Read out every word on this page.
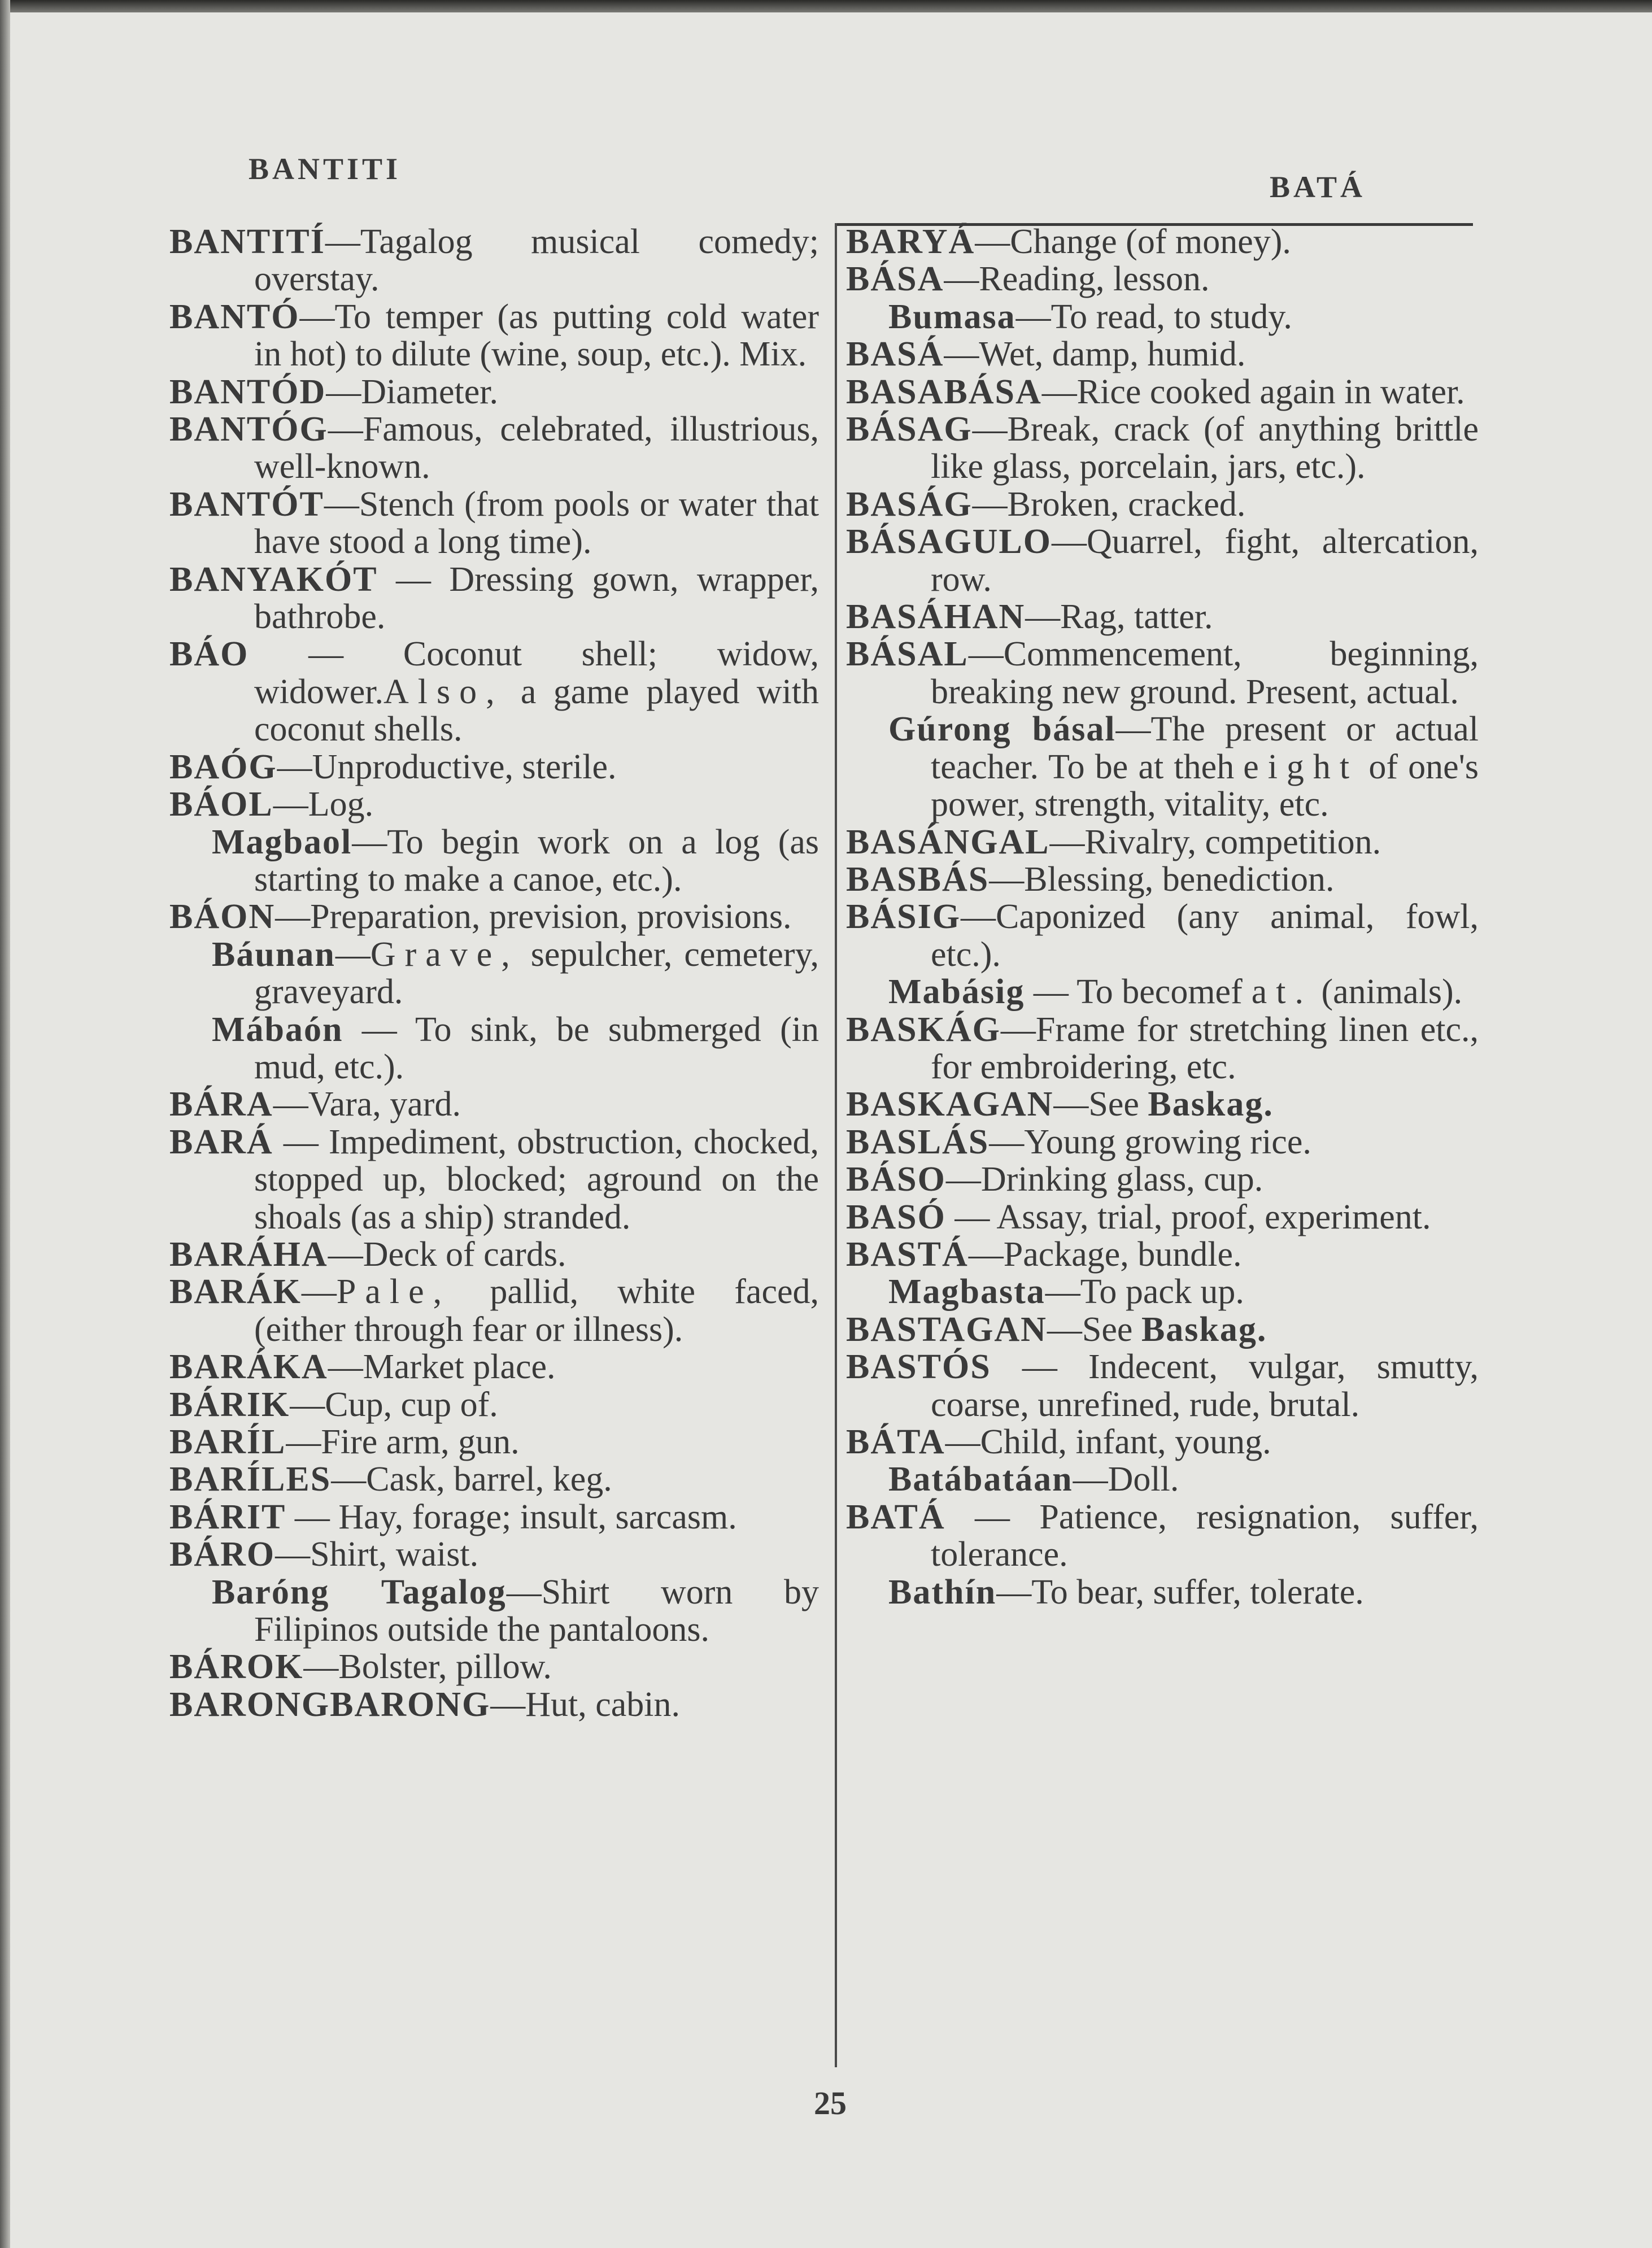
BANTITI
BATÁ

BANTITÍ—Tagalog musical comedy; overstay.

BANTÓ—To temper (as putting cold water in hot) to dilute (wine, soup, etc.). Mix.

BANTÓD—Diameter.

BANTÓG—Famous, celebrated, illustrious, well-known.

BANTÓT—Stench (from pools or water that have stood a long time).

BANYAKÓT — Dressing gown, wrapper, bathrobe.

BÁO — Coconut shell; widow, widower.Also, a game played with coconut shells.

BAÓG—Unproductive, sterile.

BÁOL—Log.

Magbaol—To begin work on a log (as starting to make a canoe, etc.).

BÁON—Preparation, prevision, provisions.

Báunan—Grave, sepulcher, cemetery, graveyard.

Mábaón — To sink, be submerged (in mud, etc.).

BÁRA—Vara, yard.

BARÁ — Impediment, obstruction, chocked, stopped up, blocked; aground on the shoals (as a ship) stranded.

BARÁHA—Deck of cards.

BARÁK—Pale, pallid, white faced, (either through fear or illness).

BARÁKA—Market place.

BÁRIK—Cup, cup of.

BARÍL—Fire arm, gun.

BARÍLES—Cask, barrel, keg.

BÁRIT — Hay, forage; insult, sarcasm.

BÁRO—Shirt, waist.

Baróng Tagalog—Shirt worn by Filipinos outside the pantaloons.

BÁROK—Bolster, pillow.

BARONGBARONG—Hut, cabin.

BARYÁ—Change (of money).

BÁSA—Reading, lesson.

Bumasa—To read, to study.

BASÁ—Wet, damp, humid.

BASABÁSA—Rice cooked again in water.

BÁSAG—Break, crack (of anything brittle like glass, porcelain, jars, etc.).

BASÁG—Broken, cracked.

BÁSAGULO—Quarrel, fight, altercation, row.

BASÁHAN—Rag, tatter.

BÁSAL—Commencement, beginning, breaking new ground. Present, actual.

Gúrong básal—The present or actual teacher. To be at theheight of one's power, strength, vitality, etc.

BASÁNGAL—Rivalry, competition.

BASBÁS—Blessing, benediction.

BÁSIG—Caponized (any animal, fowl, etc.).

Mabásig — To becomefat. (animals).

BASKÁG—Frame for stretching linen etc., for embroidering, etc.

BASKAGAN—See Baskag.

BASLÁS—Young growing rice.

BÁSO—Drinking glass, cup.

BASÓ — Assay, trial, proof, experiment.

BASTÁ—Package, bundle.

Magbasta—To pack up.

BASTAGAN—See Baskag.

BASTÓS — Indecent, vulgar, smutty, coarse, unrefined, rude, brutal.

BÁTA—Child, infant, young.

Batábatáan—Doll.

BATÁ — Patience, resignation, suffer, tolerance.

Bathín—To bear, suffer, tolerate.

25
